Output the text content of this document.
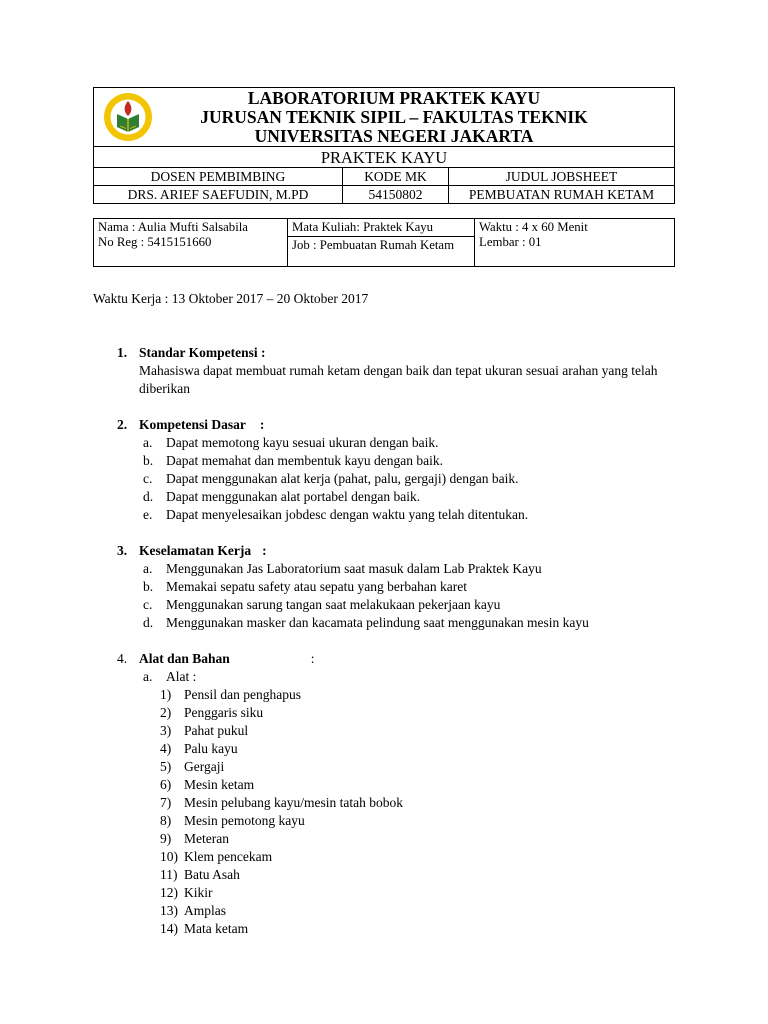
LABORATORIUM PRAKTEK KAYU
JURUSAN TEKNIK SIPIL – FAKULTAS TEKNIK
UNIVERSITAS NEGERI JAKARTA		

PRAKTEK KAYU		
DOSEN PEMBIMBING	KODE MK	JUDUL JOBSHEET
DRS. ARIEF SAEFUDIN, M.PD	54150802	PEMBUATAN RUMAH KETAM
Nama : Aulia Mufti Salsabila
No Reg : 5415151660

Mata Kuliah: Praktek Kayu
Job : Pembuatan Rumah Ketam

Waktu : 4 x 60 Menit
Lembar : 01
Waktu Kerja : 13 Oktober 2017 – 20 Oktober 2017
1. Standar Kompetensi :
Mahasiswa dapat membuat rumah ketam dengan baik dan tepat ukuran sesuai arahan yang telah diberikan
2. Kompetensi Dasar :
a. Dapat memotong kayu sesuai ukuran dengan baik.
b. Dapat memahat dan membentuk kayu dengan baik.
c. Dapat menggunakan alat kerja (pahat, palu, gergaji) dengan baik.
d. Dapat menggunakan alat portabel dengan baik.
e. Dapat menyelesaikan jobdesc dengan waktu yang telah ditentukan.
3. Keselamatan Kerja :
a. Menggunakan Jas Laboratorium saat masuk dalam Lab Praktek Kayu
b. Memakai sepatu safety atau sepatu yang berbahan karet
c. Menggunakan sarung tangan saat melakukaan pekerjaan kayu
d. Menggunakan masker dan kacamata pelindung saat menggunakan mesin kayu
4. Alat dan Bahan	:
a. Alat :
1) Pensil dan penghapus
2) Penggaris siku
3) Pahat pukul
4) Palu kayu
5) Gergaji
6) Mesin ketam
7) Mesin pelubang kayu/mesin tatah bobok
8) Mesin pemotong kayu
9) Meteran
10) Klem pencekam
11) Batu Asah
12) Kikir
13) Amplas
14) Mata ketam
